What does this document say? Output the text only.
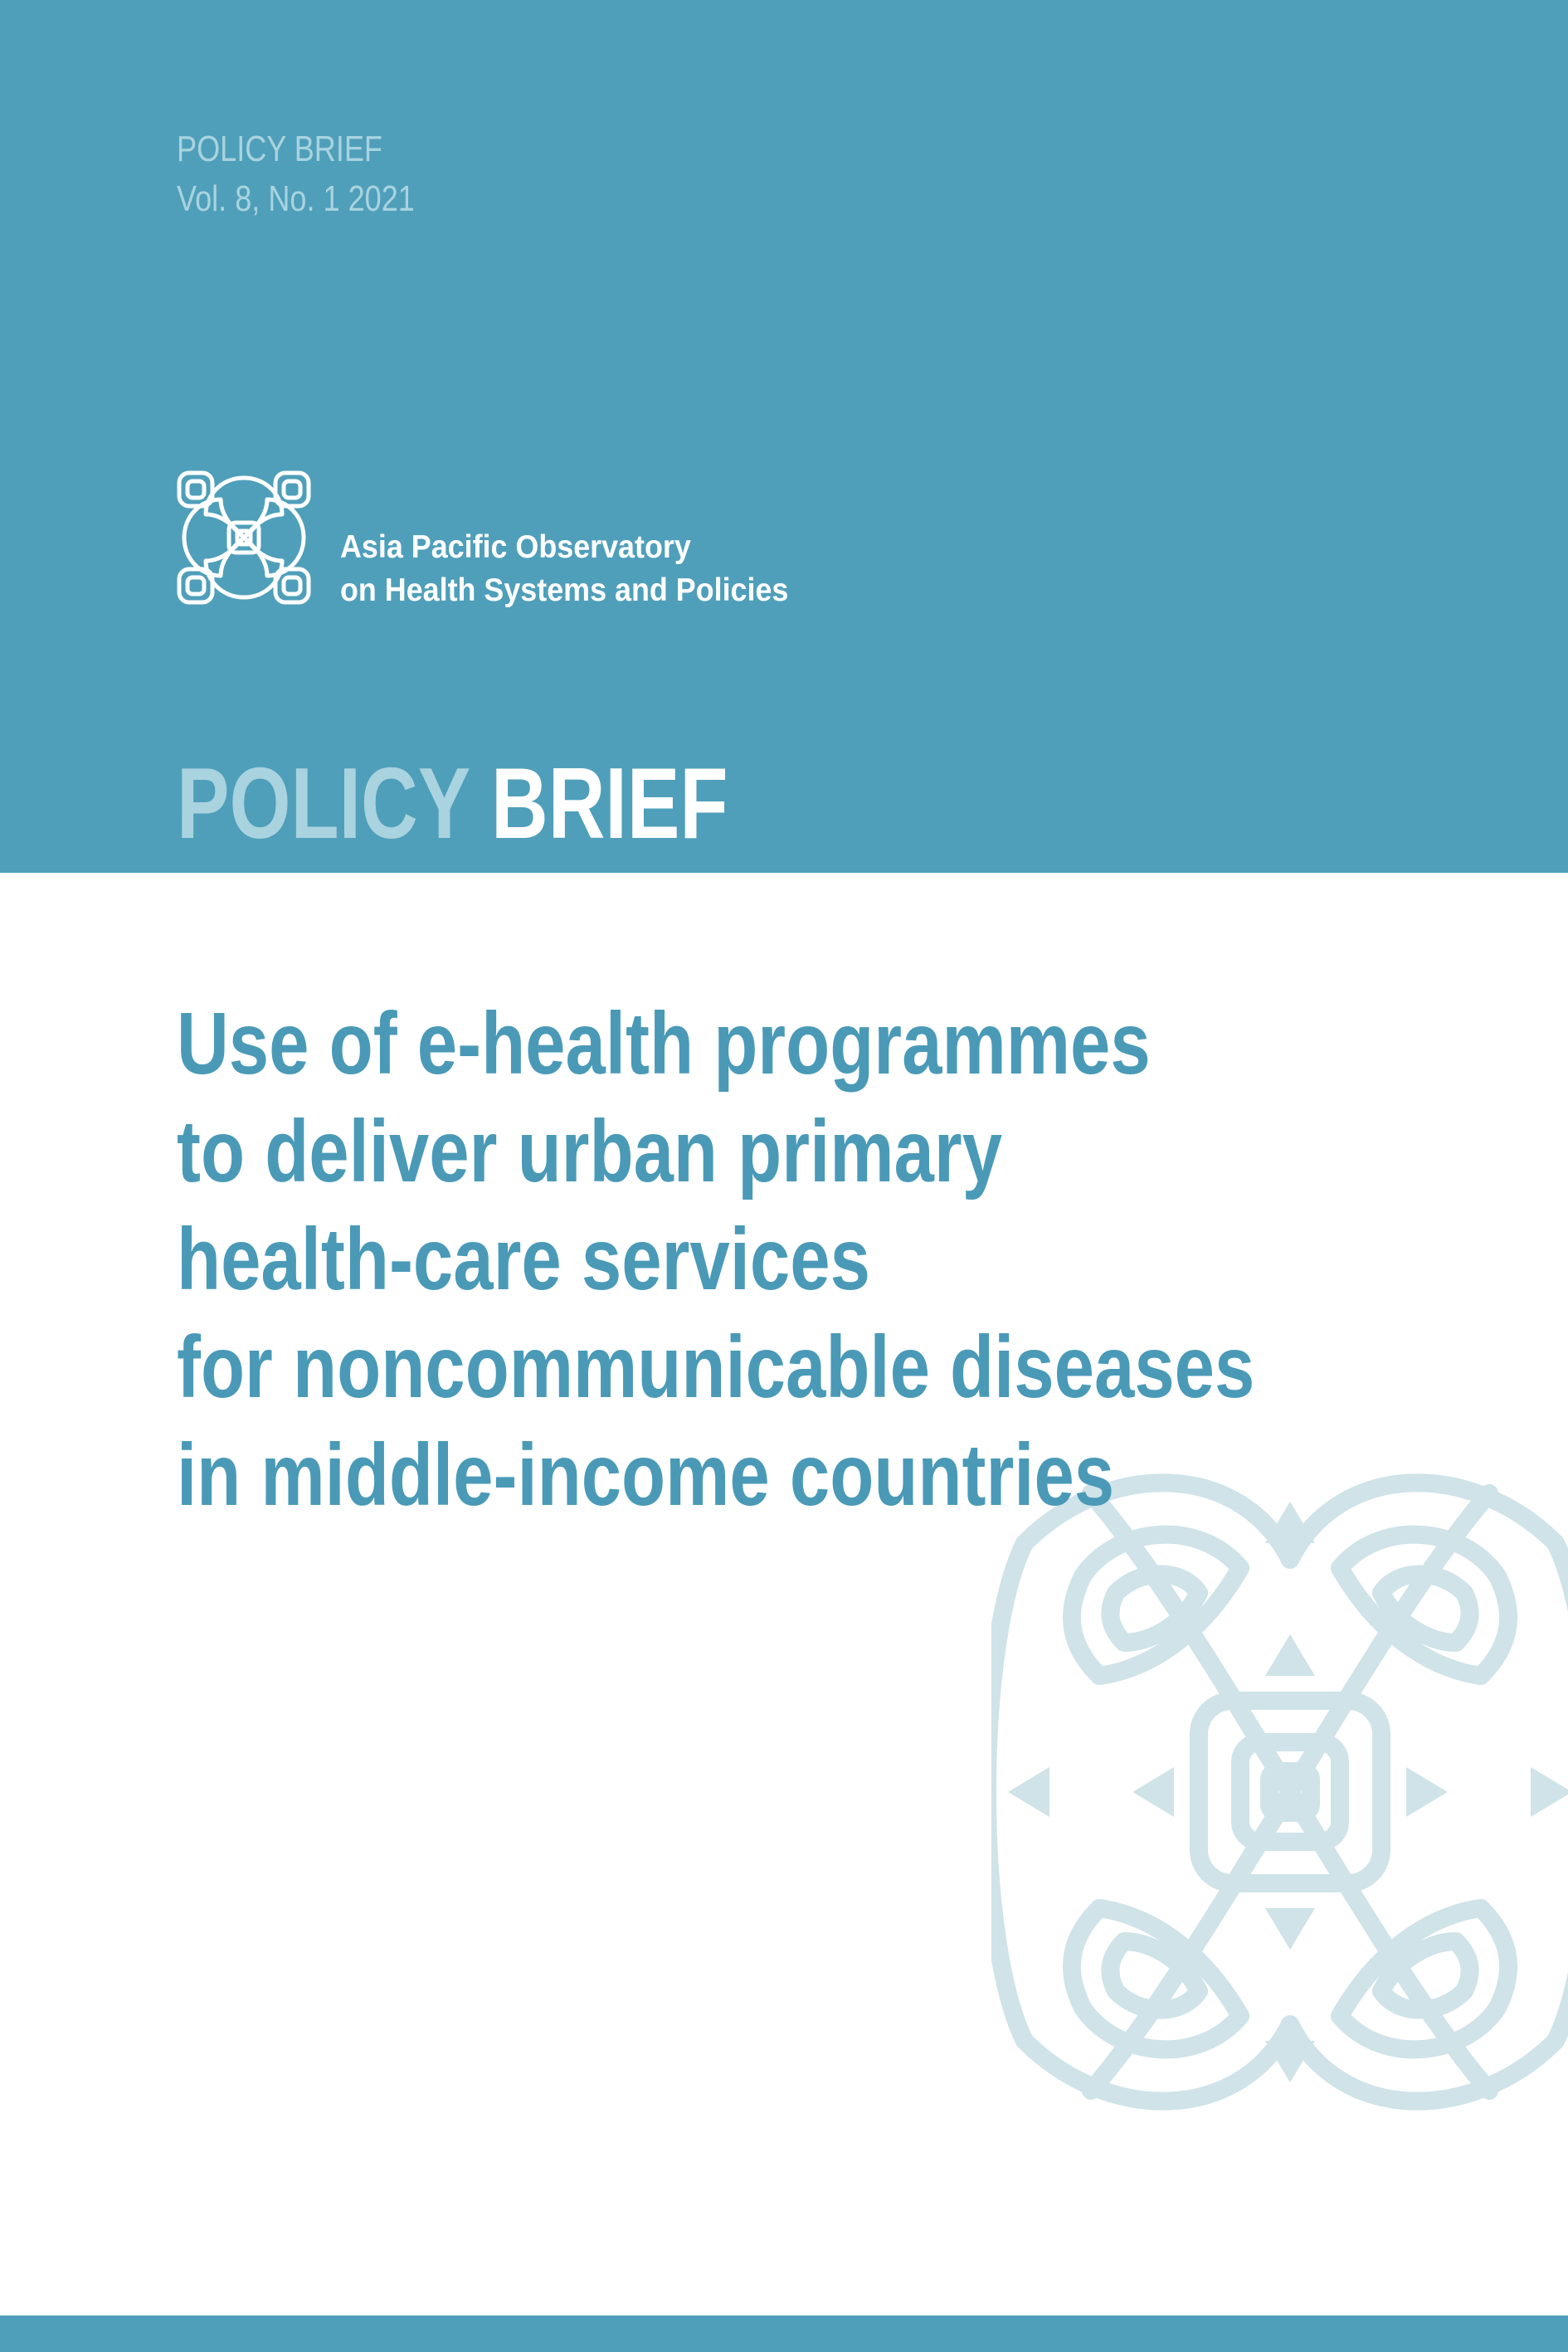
POLICY BRIEF
Vol. 8, No. 1 2021
Asia Pacific Observatory
on Health Systems and Policies
POLICY BRIEF
Use of e-health programmes
to deliver urban primary
health-care services
for noncommunicable diseases
in middle-income countries
